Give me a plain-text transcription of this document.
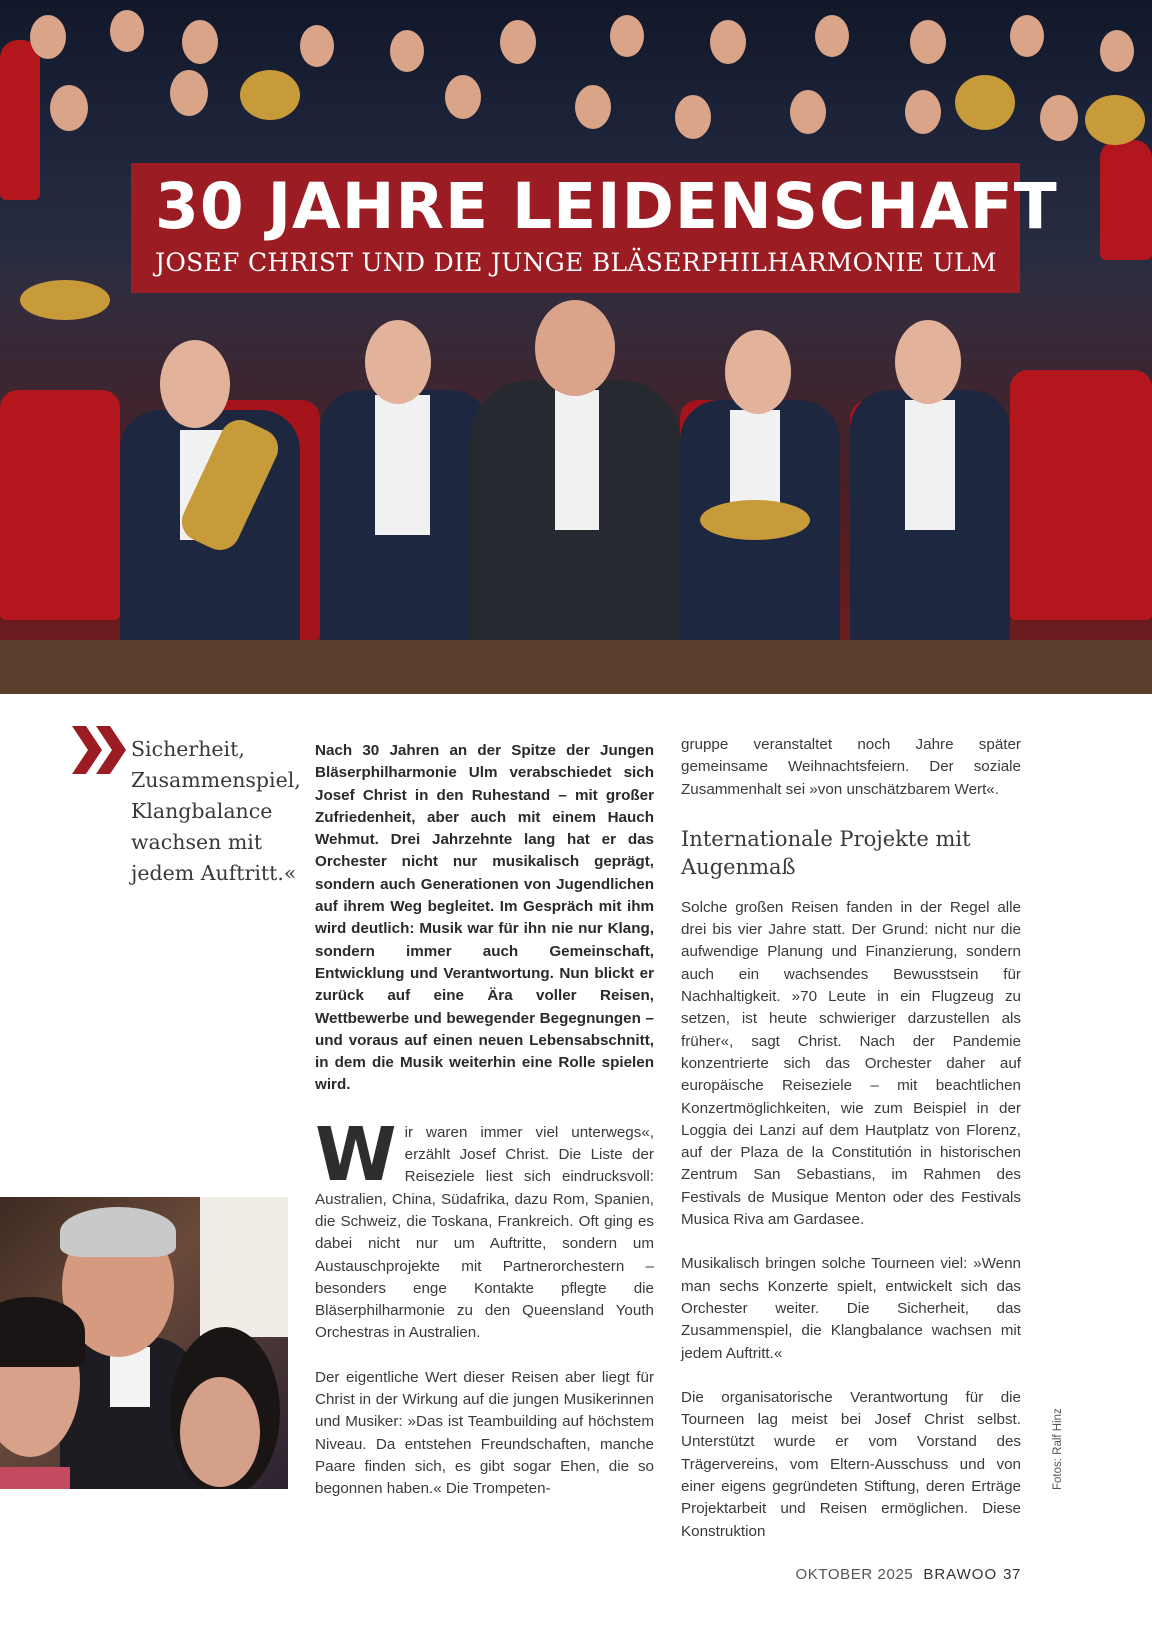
30 JAHRE LEIDENSCHAFT
JOSEF CHRIST UND DIE JUNGE BLÄSERPHILHARMONIE ULM
Sicherheit, Zusammenspiel, Klangbalance wachsen mit jedem Auftritt.«

Nach 30 Jahren an der Spitze der Jungen Bläserphilharmonie Ulm verabschiedet sich Josef Christ in den Ruhestand – mit großer Zufriedenheit, aber auch mit einem Hauch Wehmut. Drei Jahrzehnte lang hat er das Orchester nicht nur musikalisch geprägt, sondern auch Generationen von Jugendlichen auf ihrem Weg begleitet. Im Gespräch mit ihm wird deutlich: Musik war für ihn nie nur Klang, sondern immer auch Gemeinschaft, Entwicklung und Verantwortung. Nun blickt er zurück auf eine Ära voller Reisen, Wettbewerbe und bewegender Begegnungen – und voraus auf einen neuen Lebensabschnitt, in dem die Musik weiterhin eine Rolle spielen wird.

Wir waren immer viel unterwegs«, erzählt Josef Christ. Die Liste der Reiseziele liest sich eindrucksvoll: Australien, China, Südafrika, dazu Rom, Spanien, die Schweiz, die Toskana, Frankreich. Oft ging es dabei nicht nur um Auftritte, sondern um Austauschprojekte mit Partnerorchestern – besonders enge Kontakte pflegte die Bläserphilharmonie zu den Queensland Youth Orchestras in Australien.

Der eigentliche Wert dieser Reisen aber liegt für Christ in der Wirkung auf die jungen Musikerinnen und Musiker: »Das ist Teambuilding auf höchstem Niveau. Da entstehen Freundschaften, manche Paare finden sich, es gibt sogar Ehen, die so begonnen haben.« Die Trompeten-

gruppe veranstaltet noch Jahre später gemeinsame Weihnachtsfeiern. Der soziale Zusammenhalt sei »von unschätzbarem Wert«.

Internationale Projekte mit Augenmaß

Solche großen Reisen fanden in der Regel alle drei bis vier Jahre statt. Der Grund: nicht nur die aufwendige Planung und Finanzierung, sondern auch ein wachsendes Bewusstsein für Nachhaltigkeit. »70 Leute in ein Flugzeug zu setzen, ist heute schwieriger darzustellen als früher«, sagt Christ. Nach der Pandemie konzentrierte sich das Orchester daher auf europäische Reiseziele – mit beachtlichen Konzertmöglichkeiten, wie zum Beispiel in der Loggia dei Lanzi auf dem Hautplatz von Florenz, auf der Plaza de la Constitutión in historischen Zentrum San Sebastians, im Rahmen des Festivals de Musique Menton oder des Festivals Musica Riva am Gardasee.

Musikalisch bringen solche Tourneen viel: »Wenn man sechs Konzerte spielt, entwickelt sich das Orchester weiter. Die Sicherheit, das Zusammenspiel, die Klangbalance wachsen mit jedem Auftritt.«

Die organisatorische Verantwortung für die Tourneen lag meist bei Josef Christ selbst. Unterstützt wurde er vom Vorstand des Trägervereins, vom Eltern-Ausschuss und von einer eigens gegründeten Stiftung, deren Erträge Projektarbeit und Reisen ermöglichen. Diese Konstruktion

Fotos: Ralf Hinz
OKTOBER 2025 BRAWOO 37
